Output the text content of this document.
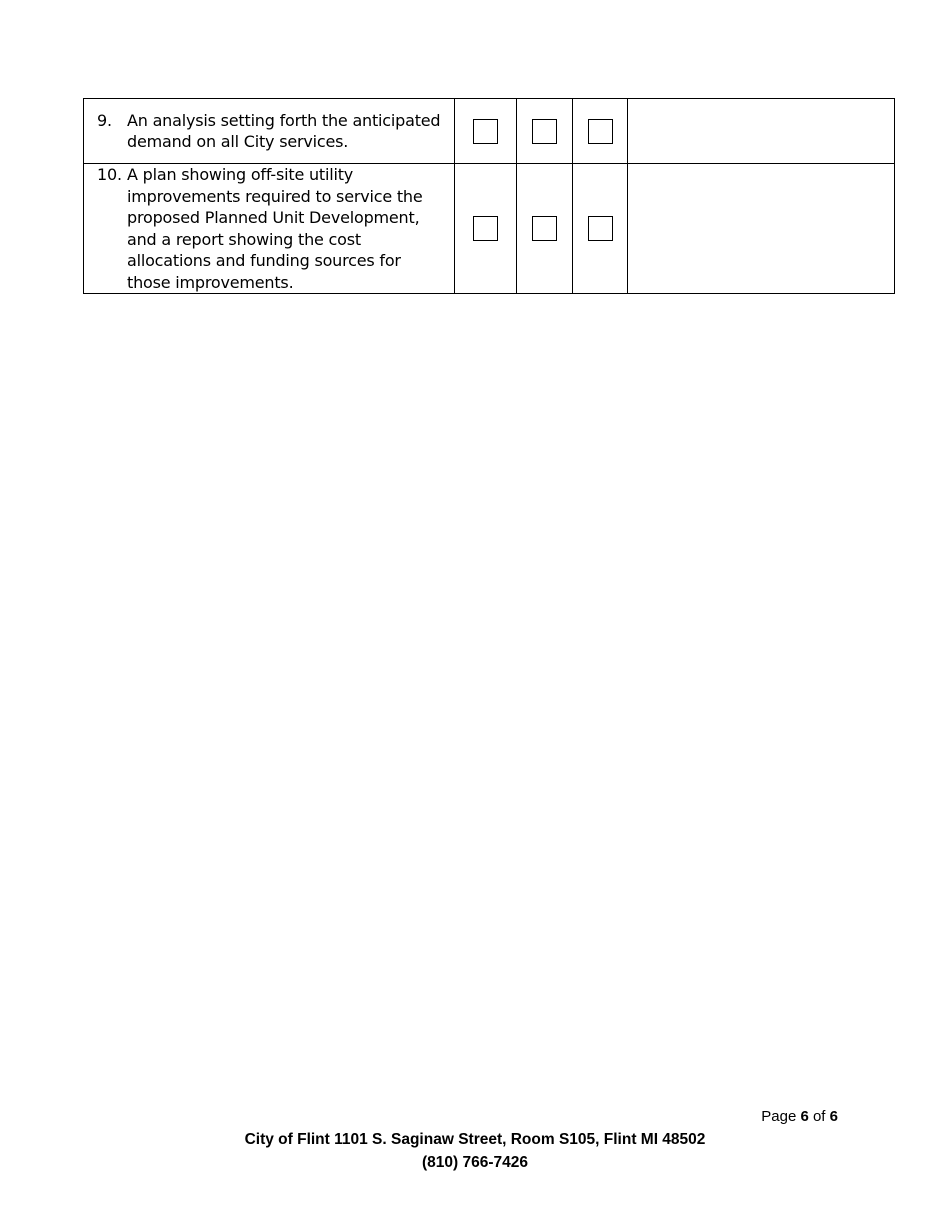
9. An analysis setting forth the anticipated demand on all City services.				

10. A plan showing off-site utility improvements required to service the proposed Planned Unit Development, and a report showing the cost allocations and funding sources for those improvements.				

Page 6 of 6
City of Flint 1101 S. Saginaw Street, Room S105, Flint MI 48502
(810) 766-7426
